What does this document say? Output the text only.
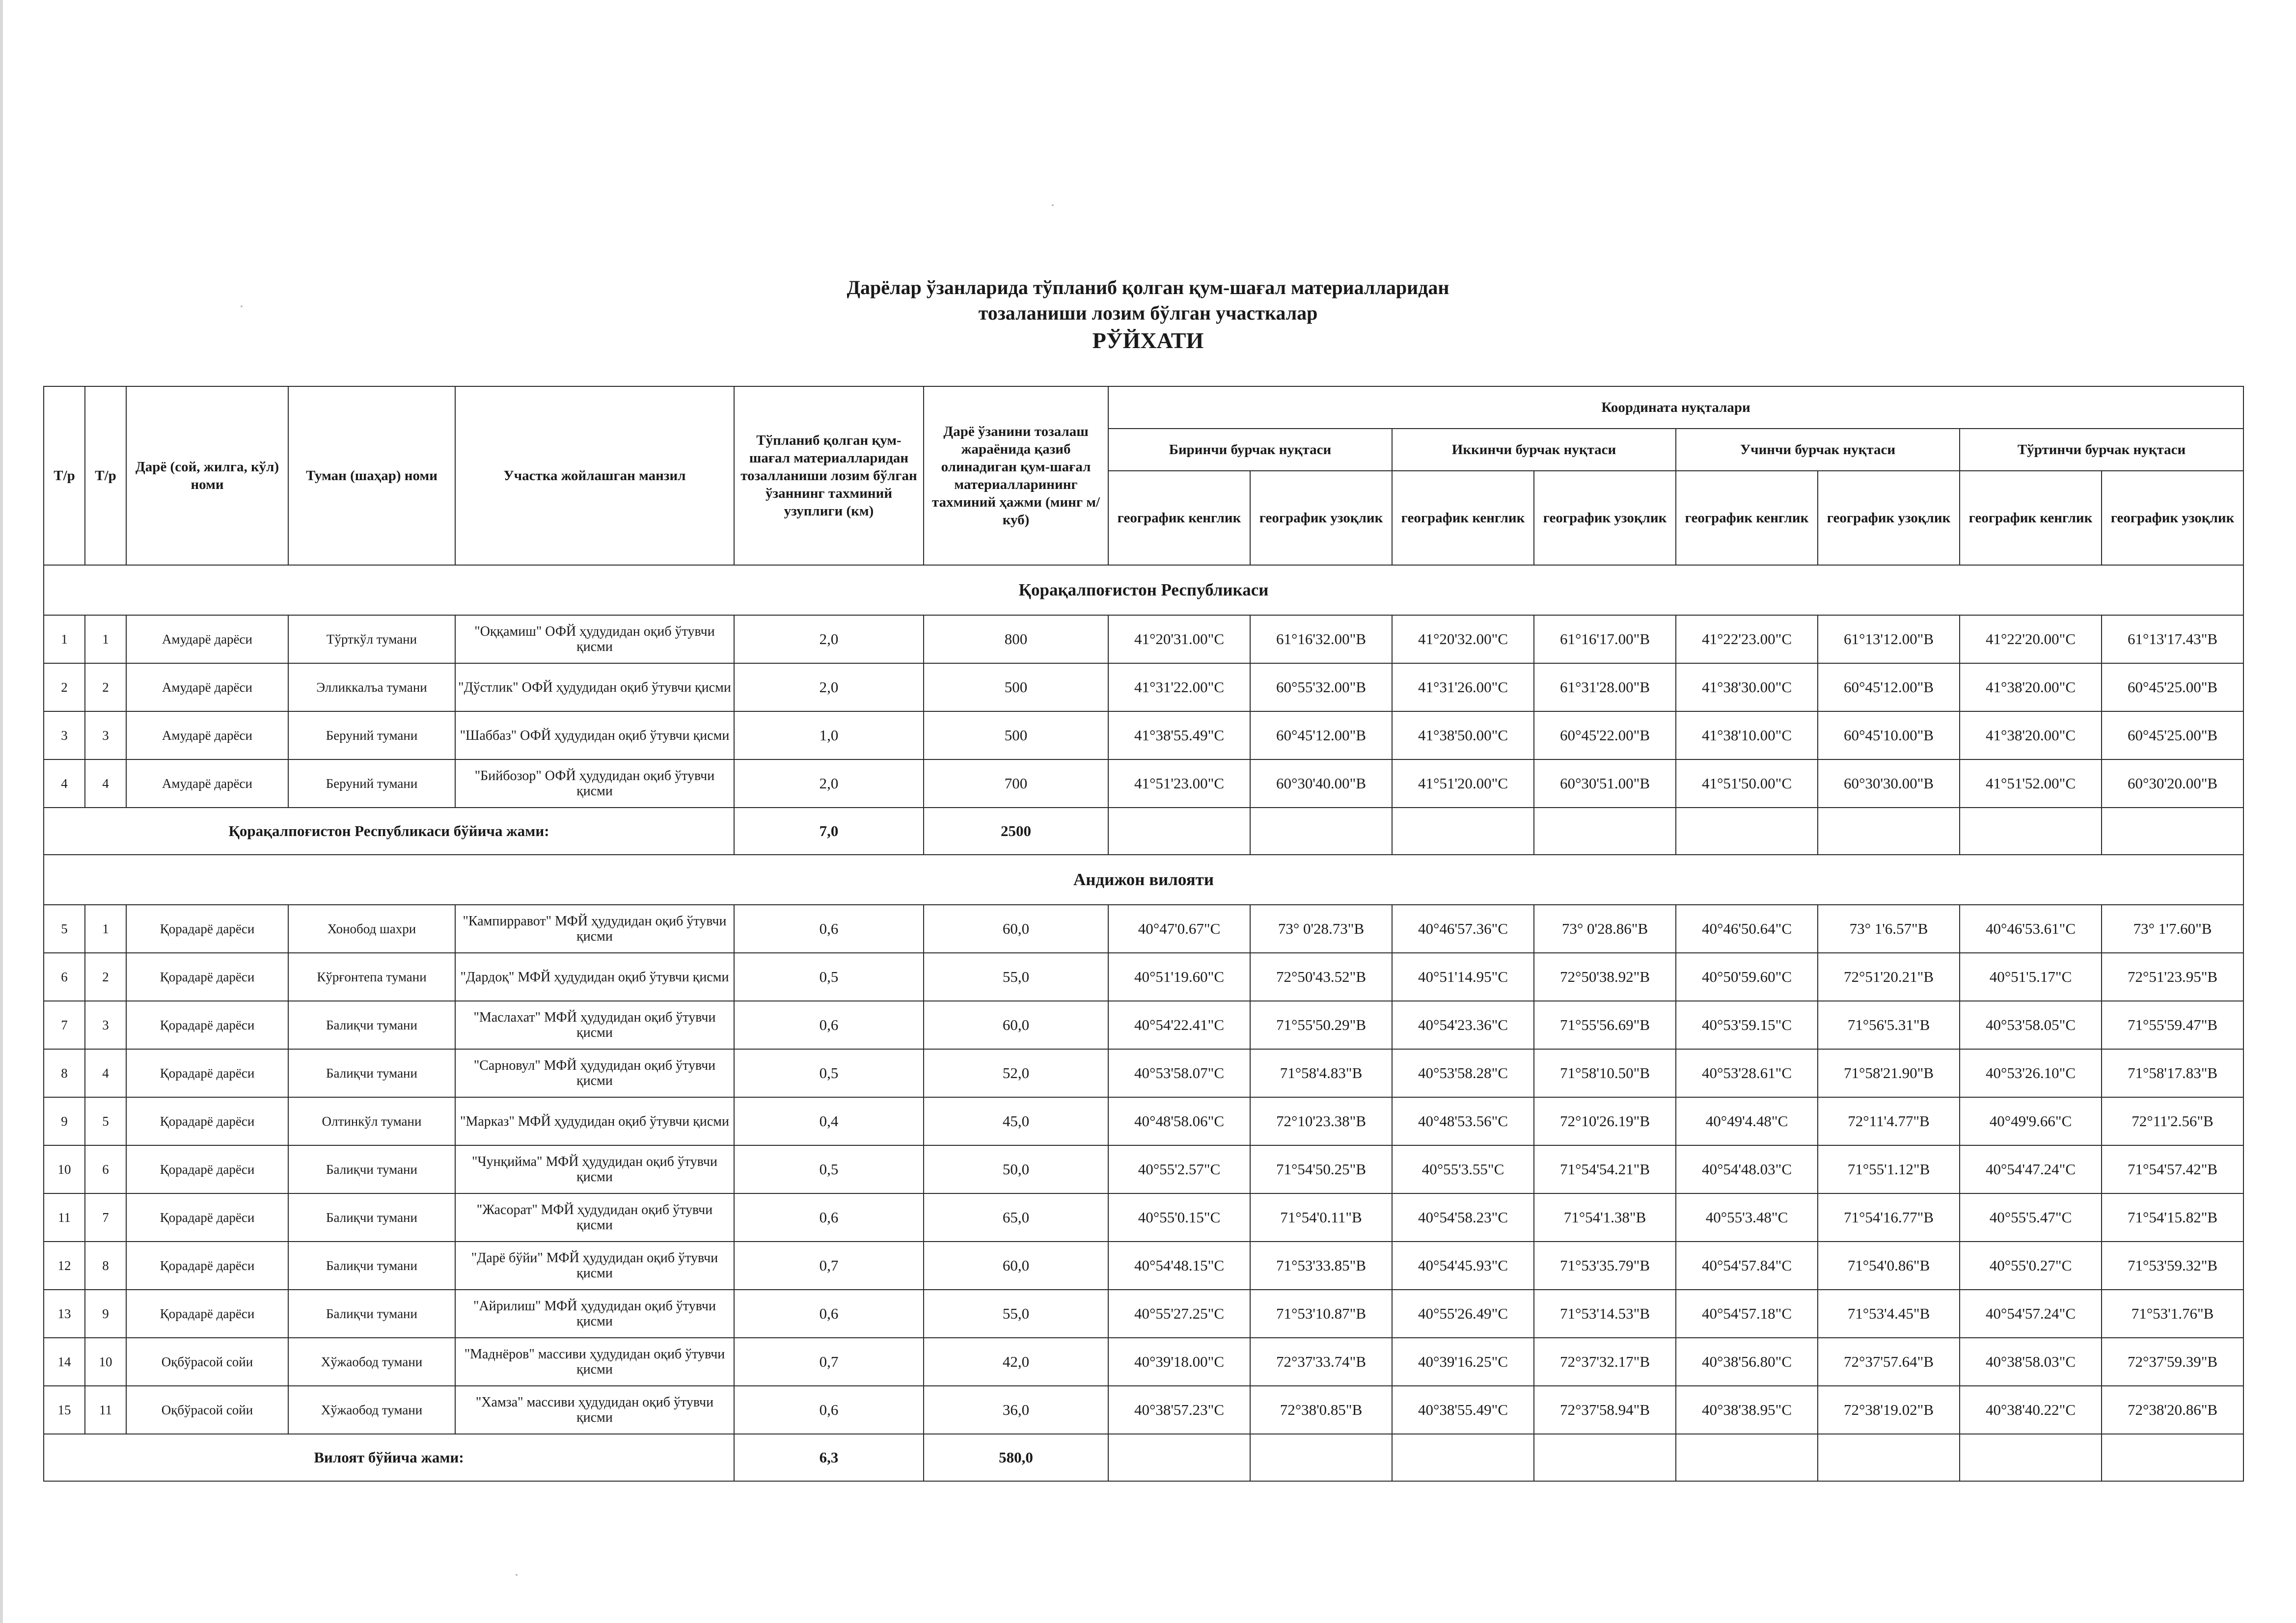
Дарёлар ўзанларида тўпланиб қолган қум-шағал материалларидан
тозаланиши лозим бўлган участкалар
РЎЙХАТИ
Т/р	Т/р	Дарё (сой, жилга, кўл) номи	Туман (шаҳар) номи	Участка жойлашган манзил	Тўпланиб қолган қум-шағал материалларидан тозалланиши лозим бўлган ўзаннинг тахминий узуплиги (км)	Дарё ўзанини тозалаш жараёнида қазиб олинадиган қум-шағал материалларининг тахминий ҳажми (минг м/куб)	Координата нуқталари							
							Биринчи бурчак нуқтаси		Иккинчи бурчак нуқтаси		Учинчи бурчак нуқтаси		Тўртинчи бурчак нуқтаси	
							географик кенглик	географик узоқлик	географик кенглик	географик узоқлик	географик кенглик	географик узоқлик	географик кенглик	географик узоқлик
Қорақалпоғистон Республикаси														
1	1	Амударё дарёси	Тўрткўл тумани	"Оққамиш" ОФЙ ҳудудидан оқиб ўтувчи қисми	2,0	800	41°20'31.00"С	61°16'32.00"В	41°20'32.00"С	61°16'17.00"В	41°22'23.00"С	61°13'12.00"В	41°22'20.00"С	61°13'17.43"В
2	2	Амударё дарёси	Элликкалъа тумани	"Дўстлик" ОФЙ ҳудудидан оқиб ўтувчи қисми	2,0	500	41°31'22.00"С	60°55'32.00"В	41°31'26.00"С	61°31'28.00"В	41°38'30.00"С	60°45'12.00"В	41°38'20.00"С	60°45'25.00"В
3	3	Амударё дарёси	Беруний тумани	"Шаббаз" ОФЙ ҳудудидан оқиб ўтувчи қисми	1,0	500	41°38'55.49"С	60°45'12.00"В	41°38'50.00"С	60°45'22.00"В	41°38'10.00"С	60°45'10.00"В	41°38'20.00"С	60°45'25.00"В
4	4	Амударё дарёси	Беруний тумани	"Бийбозор" ОФЙ ҳудудидан оқиб ўтувчи қисми	2,0	700	41°51'23.00"С	60°30'40.00"В	41°51'20.00"С	60°30'51.00"В	41°51'50.00"С	60°30'30.00"В	41°51'52.00"С	60°30'20.00"В
Қорақалпоғистон Республикаси бўйича жами:					7,0	2500								
Андижон вилояти														
5	1	Қорадарё дарёси	Хонобод шахри	"Кампирравот" МФЙ ҳудудидан оқиб ўтувчи қисми	0,6	60,0	40°47'0.67"С	73° 0'28.73"В	40°46'57.36"С	73° 0'28.86"В	40°46'50.64"С	73° 1'6.57"В	40°46'53.61"С	73° 1'7.60"В
6	2	Қорадарё дарёси	Кўрғонтепа тумани	"Дардоқ" МФЙ ҳудудидан оқиб ўтувчи қисми	0,5	55,0	40°51'19.60"С	72°50'43.52"В	40°51'14.95"С	72°50'38.92"В	40°50'59.60"С	72°51'20.21"В	40°51'5.17"С	72°51'23.95"В
7	3	Қорадарё дарёси	Балиқчи тумани	"Маслахат" МФЙ ҳудудидан оқиб ўтувчи қисми	0,6	60,0	40°54'22.41"С	71°55'50.29"В	40°54'23.36"С	71°55'56.69"В	40°53'59.15"С	71°56'5.31"В	40°53'58.05"С	71°55'59.47"В
8	4	Қорадарё дарёси	Балиқчи тумани	"Сарновул" МФЙ ҳудудидан оқиб ўтувчи қисми	0,5	52,0	40°53'58.07"С	71°58'4.83"В	40°53'58.28"С	71°58'10.50"В	40°53'28.61"С	71°58'21.90"В	40°53'26.10"С	71°58'17.83"В
9	5	Қорадарё дарёси	Олтинкўл тумани	"Марказ" МФЙ ҳудудидан оқиб ўтувчи қисми	0,4	45,0	40°48'58.06"С	72°10'23.38"В	40°48'53.56"С	72°10'26.19"В	40°49'4.48"С	72°11'4.77"В	40°49'9.66"С	72°11'2.56"В
10	6	Қорадарё дарёси	Балиқчи тумани	"Чунқийма" МФЙ ҳудудидан оқиб ўтувчи қисми	0,5	50,0	40°55'2.57"С	71°54'50.25"В	40°55'3.55"С	71°54'54.21"В	40°54'48.03"С	71°55'1.12"В	40°54'47.24"С	71°54'57.42"В
11	7	Қорадарё дарёси	Балиқчи тумани	"Жасорат" МФЙ ҳудудидан оқиб ўтувчи қисми	0,6	65,0	40°55'0.15"С	71°54'0.11"В	40°54'58.23"С	71°54'1.38"В	40°55'3.48"С	71°54'16.77"В	40°55'5.47"С	71°54'15.82"В
12	8	Қорадарё дарёси	Балиқчи тумани	"Дарё бўйи" МФЙ ҳудудидан оқиб ўтувчи қисми	0,7	60,0	40°54'48.15"С	71°53'33.85"В	40°54'45.93"С	71°53'35.79"В	40°54'57.84"С	71°54'0.86"В	40°55'0.27"С	71°53'59.32"В
13	9	Қорадарё дарёси	Балиқчи тумани	"Айрилиш" МФЙ ҳудудидан оқиб ўтувчи қисми	0,6	55,0	40°55'27.25"С	71°53'10.87"В	40°55'26.49"С	71°53'14.53"В	40°54'57.18"С	71°53'4.45"В	40°54'57.24"С	71°53'1.76"В
14	10	Оқбўрасой сойи	Хўжаобод тумани	"Маднёров" массиви ҳудудидан оқиб ўтувчи қисми	0,7	42,0	40°39'18.00"С	72°37'33.74"В	40°39'16.25"С	72°37'32.17"В	40°38'56.80"С	72°37'57.64"В	40°38'58.03"С	72°37'59.39"В
15	11	Оқбўрасой сойи	Хўжаобод тумани	"Хамза" массиви ҳудудидан оқиб ўтувчи қисми	0,6	36,0	40°38'57.23"С	72°38'0.85"В	40°38'55.49"С	72°37'58.94"В	40°38'38.95"С	72°38'19.02"В	40°38'40.22"С	72°38'20.86"В
Вилоят бўйича жами:					6,3	580,0								
